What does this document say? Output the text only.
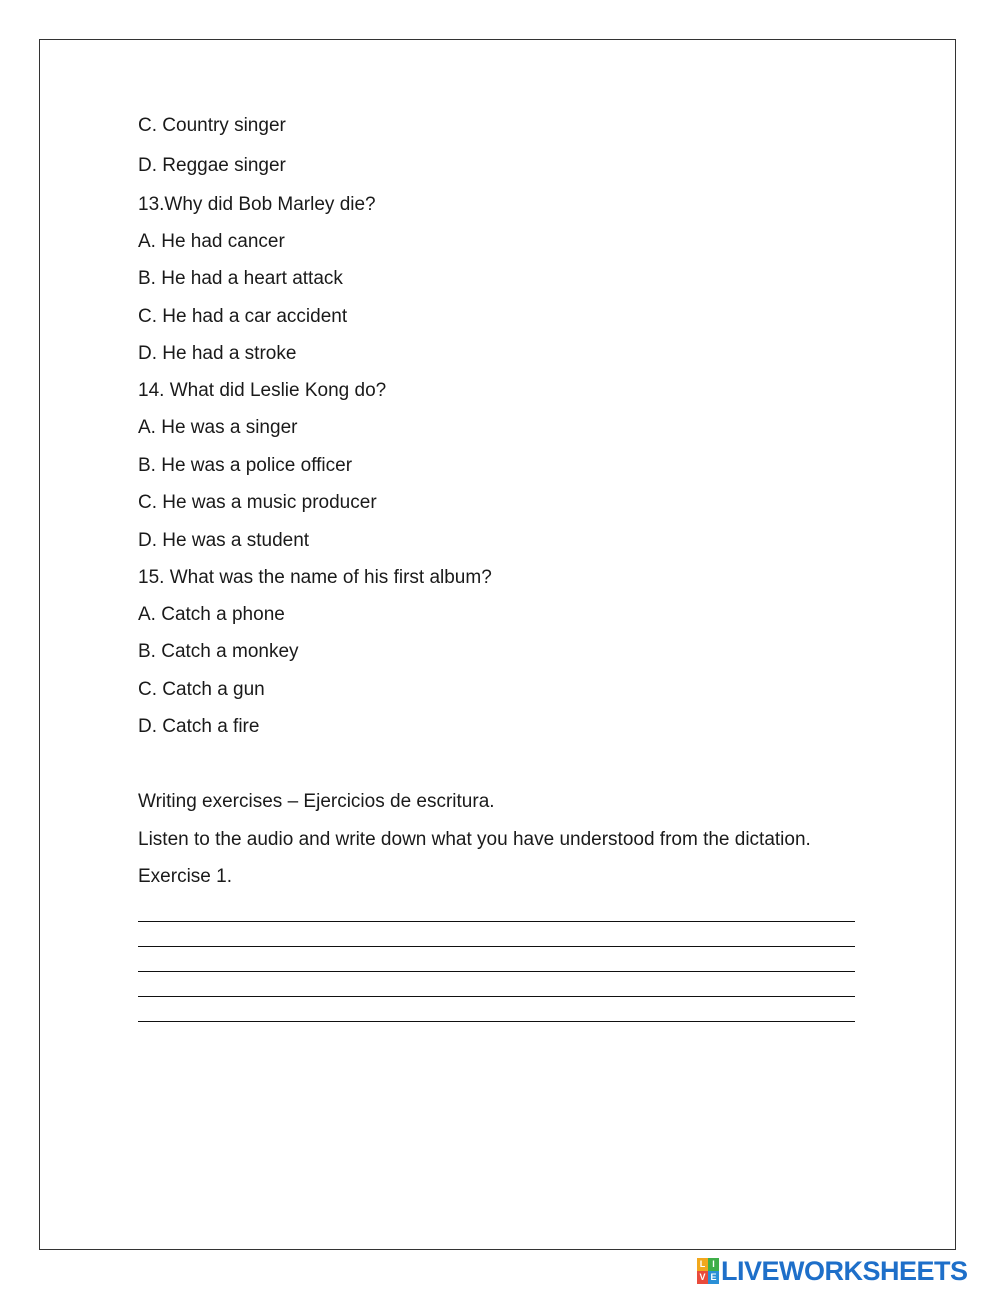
C. Country singer
D. Reggae singer
13.Why did Bob Marley die?
A. He had cancer
B. He had a heart attack
C. He had a car accident
D. He had a stroke
14. What did Leslie Kong do?
A. He was a singer
B. He was a police officer
C. He was a music producer
D. He was a student
15. What was the name of his first album?
A. Catch a phone
B. Catch a monkey
C. Catch a gun
D. Catch a fire
Writing exercises – Ejercicios de escritura.
Listen to the audio and write down what you have understood from the dictation.
Exercise 1.
L I
V E LIVEWORKSHEETS
